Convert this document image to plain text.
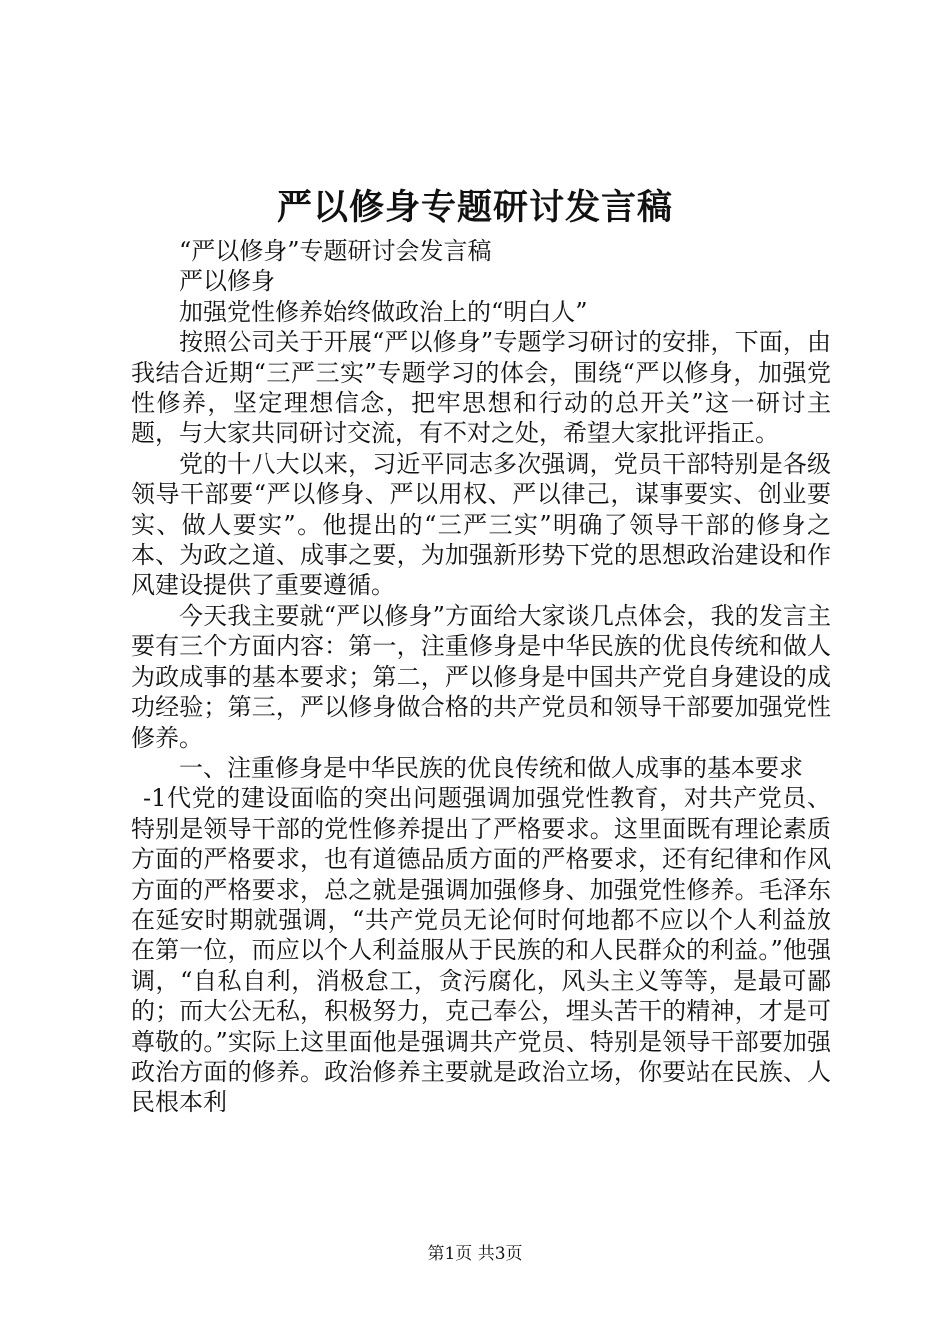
严以修身专题研讨发言稿

“严以修身”专题研讨会发言稿

严以修身

加强党性修养始终做政治上的“明白人”

按照公司关于开展“严以修身”专题学习研讨的安排，下面，由我结合近期“三严三实”专题学习的体会，围绕“严以修身，加强党性修养，坚定理想信念，把牢思想和行动的总开关”这一研讨主题，与大家共同研讨交流，有不对之处，希望大家批评指正。

党的十八大以来，习近平同志多次强调，党员干部特别是各级领导干部要“严以修身、严以用权、严以律己，谋事要实、创业要实、做人要实”。他提出的“三严三实”明确了领导干部的修身之本、为政之道、成事之要，为加强新形势下党的思想政治建设和作风建设提供了重要遵循。

今天我主要就“严以修身”方面给大家谈几点体会，我的发言主要有三个方面内容：第一，注重修身是中华民族的优良传统和做人为政成事的基本要求；第二，严以修身是中国共产党自身建设的成功经验；第三，严以修身做合格的共产党员和领导干部要加强党性修养。

一、注重修身是中华民族的优良传统和做人成事的基本要求

-1代党的建设面临的突出问题强调加强党性教育，对共产党员、特别是领导干部的党性修养提出了严格要求。这里面既有理论素质方面的严格要求，也有道德品质方面的严格要求，还有纪律和作风方面的严格要求，总之就是强调加强修身、加强党性修养。毛泽东在延安时期就强调，“共产党员无论何时何地都不应以个人利益放在第一位，而应以个人利益服从于民族的和人民群众的利益。”他强调，“自私自利，消极怠工，贪污腐化，风头主义等等，是最可鄙的；而大公无私，积极努力，克己奉公，埋头苦干的精神，才是可尊敬的。”实际上这里面他是强调共产党员、特别是领导干部要加强政治方面的修养。政治修养主要就是政治立场，你要站在民族、人民根本利

第1页 共3页
